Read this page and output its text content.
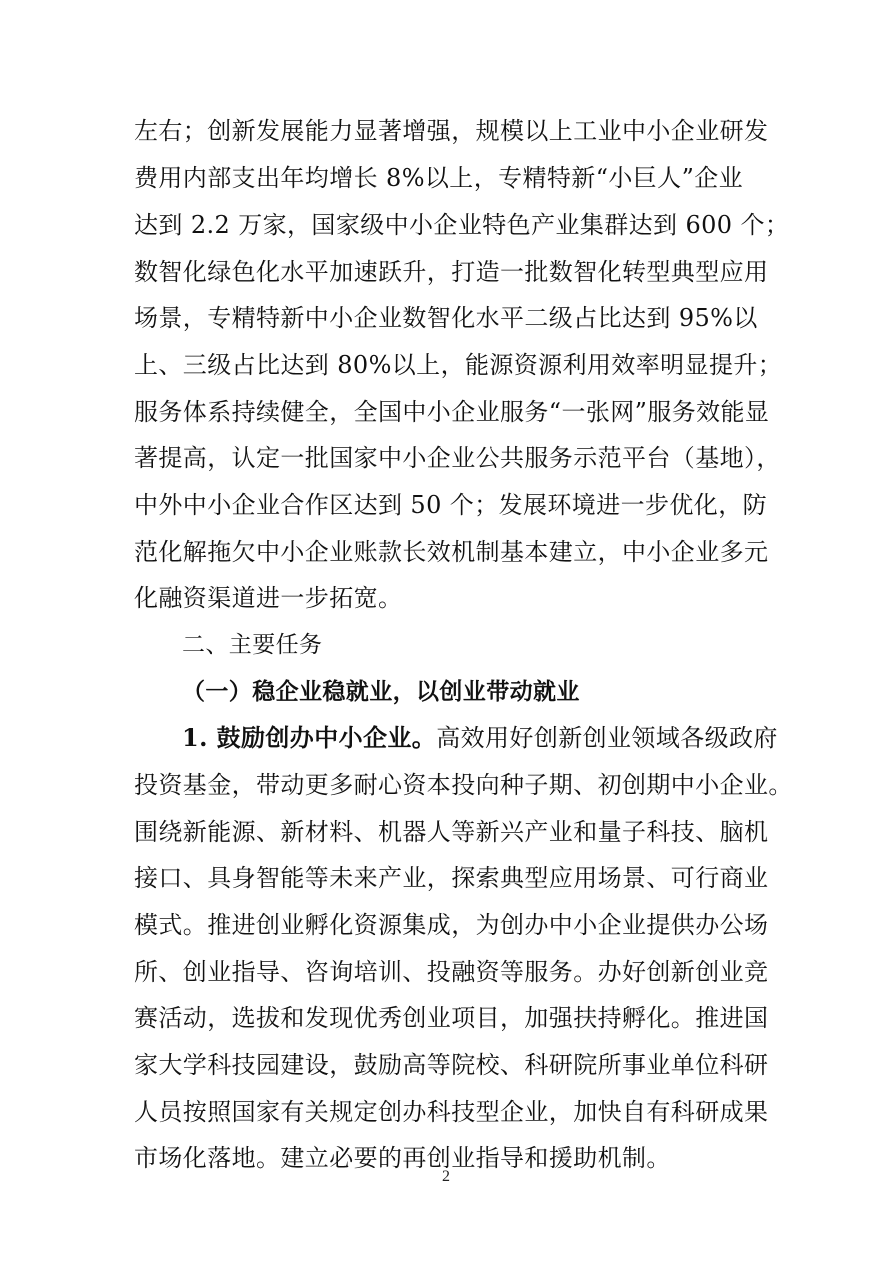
左右；创新发展能力显著增强，规模以上工业中小企业研发
费用内部支出年均增长 8%以上，专精特新“小巨人”企业
达到 2.2 万家，国家级中小企业特色产业集群达到 600 个；
数智化绿色化水平加速跃升，打造一批数智化转型典型应用
场景，专精特新中小企业数智化水平二级占比达到 95%以
上、三级占比达到 80%以上，能源资源利用效率明显提升；
服务体系持续健全，全国中小企业服务“一张网”服务效能显
著提高，认定一批国家中小企业公共服务示范平台（基地），
中外中小企业合作区达到 50 个；发展环境进一步优化，防
范化解拖欠中小企业账款长效机制基本建立，中小企业多元
化融资渠道进一步拓宽。
二、主要任务
（一）稳企业稳就业，以创业带动就业
1. 鼓励创办中小企业。高效用好创新创业领域各级政府
投资基金，带动更多耐心资本投向种子期、初创期中小企业。
围绕新能源、新材料、机器人等新兴产业和量子科技、脑机
接口、具身智能等未来产业，探索典型应用场景、可行商业
模式。推进创业孵化资源集成，为创办中小企业提供办公场
所、创业指导、咨询培训、投融资等服务。办好创新创业竞
赛活动，选拔和发现优秀创业项目，加强扶持孵化。推进国
家大学科技园建设，鼓励高等院校、科研院所事业单位科研
人员按照国家有关规定创办科技型企业，加快自有科研成果
市场化落地。建立必要的再创业指导和援助机制。
2
